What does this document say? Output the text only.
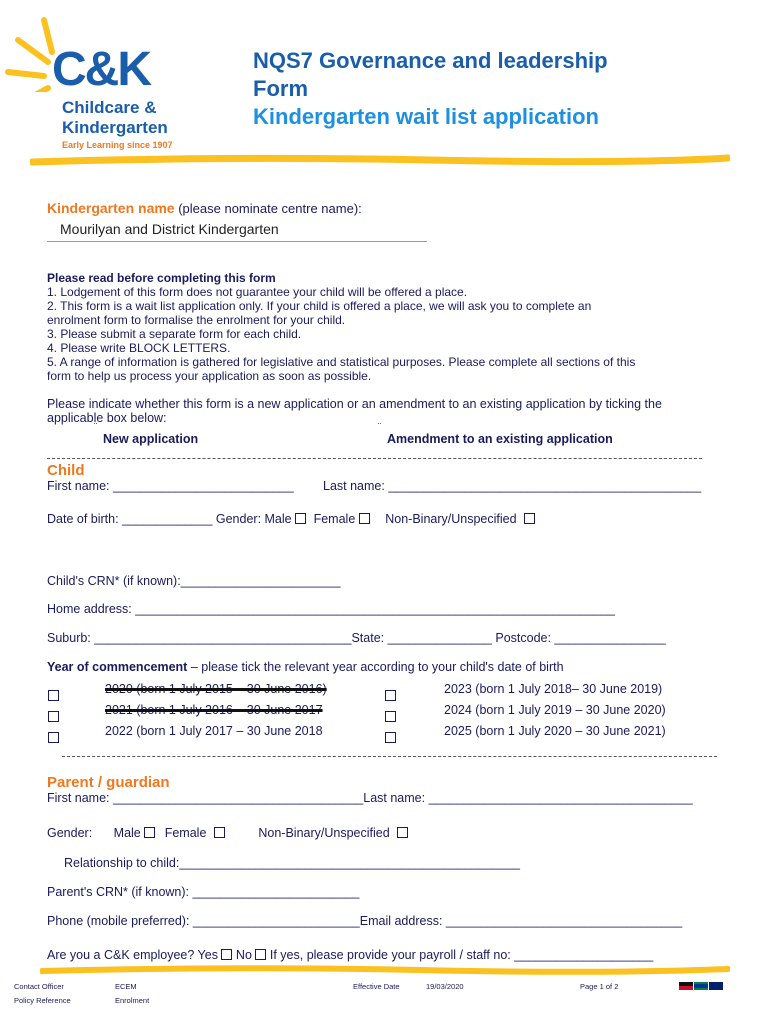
C&K
Childcare &
Kindergarten
Early Learning since 1907
NQS7 Governance and leadership
Form
Kindergarten wait list application
Kindergarten name (please nominate centre name):
Mourilyan and District Kindergarten
Please read before completing this form
1. Lodgement of this form does not guarantee your child will be offered a place.
2. This form is a wait list application only. If your child is offered a place, we will ask you to complete an
enrolment form to formalise the enrolment for your child.
3. Please submit a separate form for each child.
4. Please write BLOCK LETTERS.
5. A range of information is gathered for legislative and statistical purposes. Please complete all sections of this
form to help us process your application as soon as possible.
Please indicate whether this form is a new application or an amendment to an existing application by ticking the
applicable box below:
¨
New application
¨
Amendment to an existing application
Child
First name: __________________________ Last name: _____________________________________________
Date of birth: _____________ Gender: Male Female Non-Binary/Unspecified
Child's CRN* (if known):_______________________
Home address: _____________________________________________________________________
Suburb: _____________________________________State: _______________ Postcode: ________________
Year of commencement – please tick the relevant year according to your child's date of birth
2020 (born 1 July 2015 – 30 June 2016)
2021 (born 1 July 2016 – 30 June 2017
2022 (born 1 July 2017 – 30 June 2018
2023 (born 1 July 2018– 30 June 2019)
2024 (born 1 July 2019 – 30 June 2020)
2025 (born 1 July 2020 – 30 June 2021)
Parent / guardian
First name: ____________________________________Last name: ______________________________________
Gender: Male Female	Non-Binary/Unspecified
Relationship to child:_________________________________________________
Parent's CRN* (if known): ________________________
Phone (mobile preferred): ________________________Email address: __________________________________
Are you a C&K employee? Yes No If yes, please provide your payroll / staff no: ____________________
Contact Officer	ECEM
Policy Reference	Enrolment
Effective Date	19/03/2020	Page 1 of 2
